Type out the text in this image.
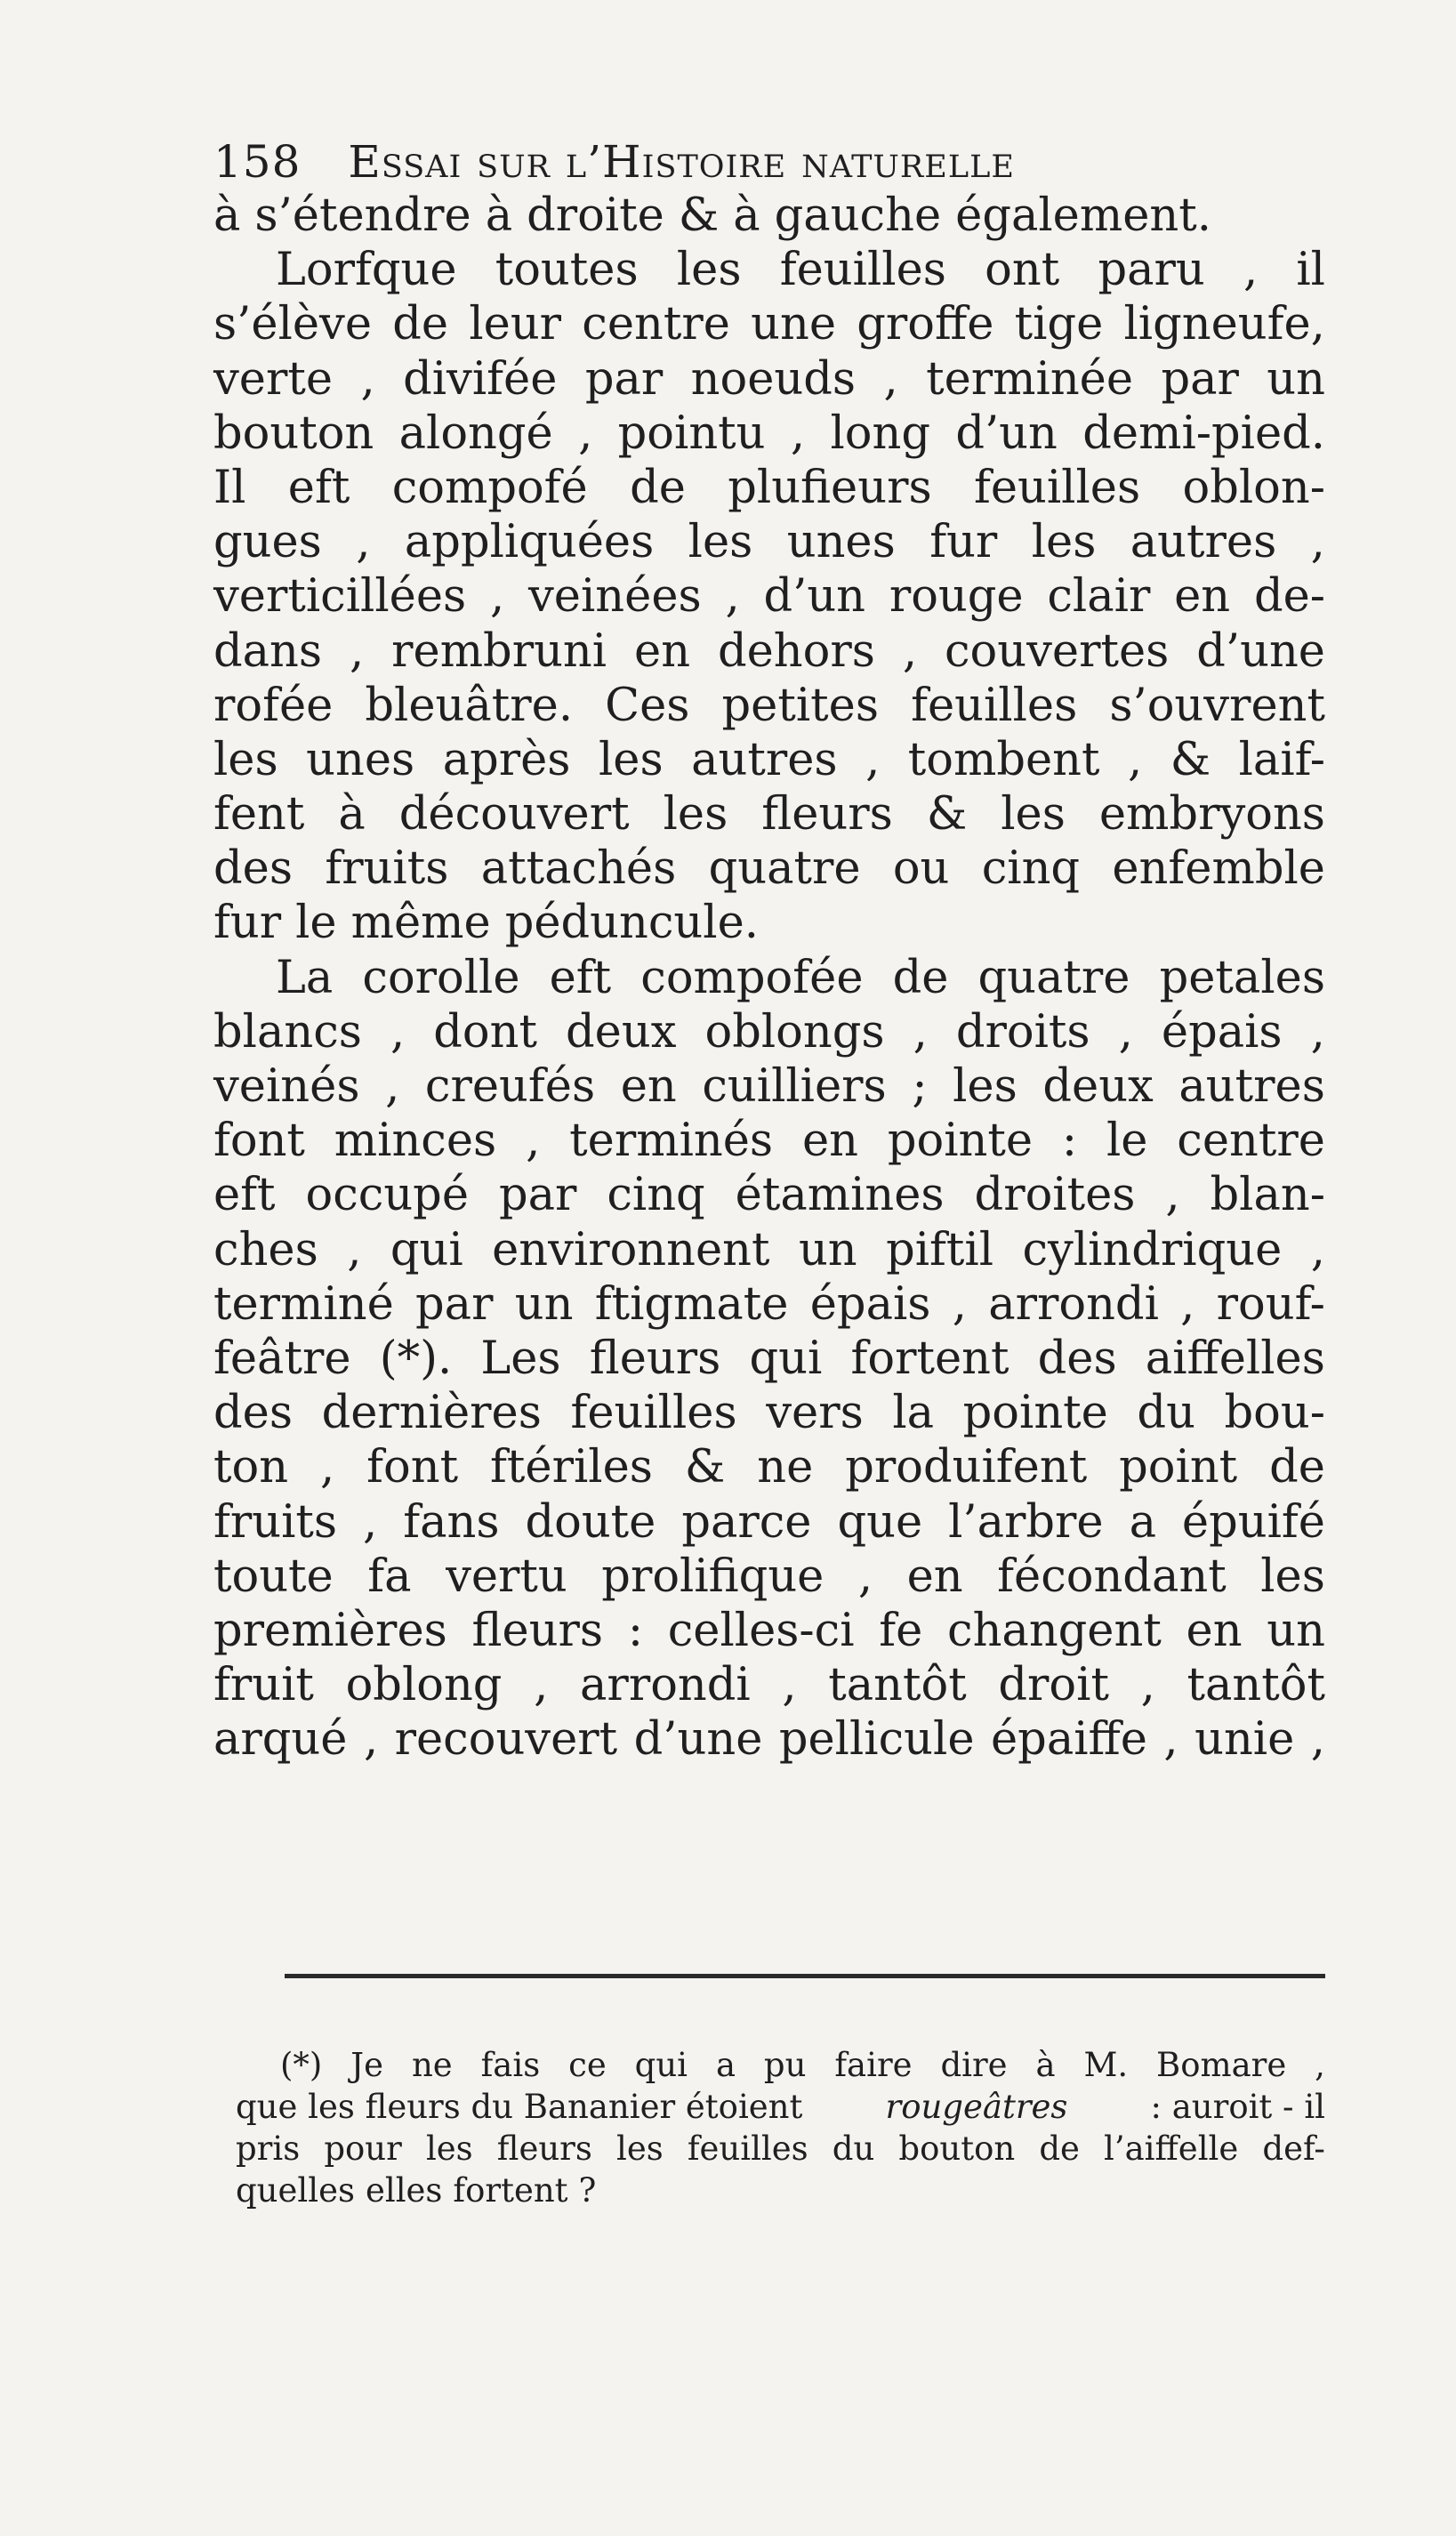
158 Essai sur l’Histoire naturelle
à s’étendre à droite & à gauche également.
Lorfque toutes les feuilles ont paru , il
s’élève de leur centre une groffe tige ligneufe,
verte , divifée par noeuds , terminée par un
bouton alongé , pointu , long d’un demi-pied.
Il eft compofé de plufieurs feuilles oblon-
gues , appliquées les unes fur les autres ,
verticillées , veinées , d’un rouge clair en de-
dans , rembruni en dehors , couvertes d’une
rofée bleuâtre. Ces petites feuilles s’ouvrent
les unes après les autres , tombent , & laif-
fent à découvert les fleurs & les embryons
des fruits attachés quatre ou cinq enfemble
fur le même péduncule.
La corolle eft compofée de quatre petales
blancs , dont deux oblongs , droits , épais ,
veinés , creufés en cuilliers ; les deux autres
font minces , terminés en pointe : le centre
eft occupé par cinq étamines droites , blan-
ches , qui environnent un piftil cylindrique ,
terminé par un ftigmate épais , arrondi , rouf-
feâtre (*). Les fleurs qui fortent des aiffelles
des dernières feuilles vers la pointe du bou-
ton , font ftériles & ne produifent point de
fruits , fans doute parce que l’arbre a épuifé
toute fa vertu prolifique , en fécondant les
premières fleurs : celles-ci fe changent en un
fruit oblong , arrondi , tantôt droit , tantôt
arqué , recouvert d’une pellicule épaiffe , unie ,
(*) Je ne fais ce qui a pu faire dire à M. Bomare ,
que les fleurs du Bananier étoient	rougeâtres	: auroit - il
pris pour les fleurs les feuilles du bouton de l’aiffelle def-
quelles elles fortent ?
